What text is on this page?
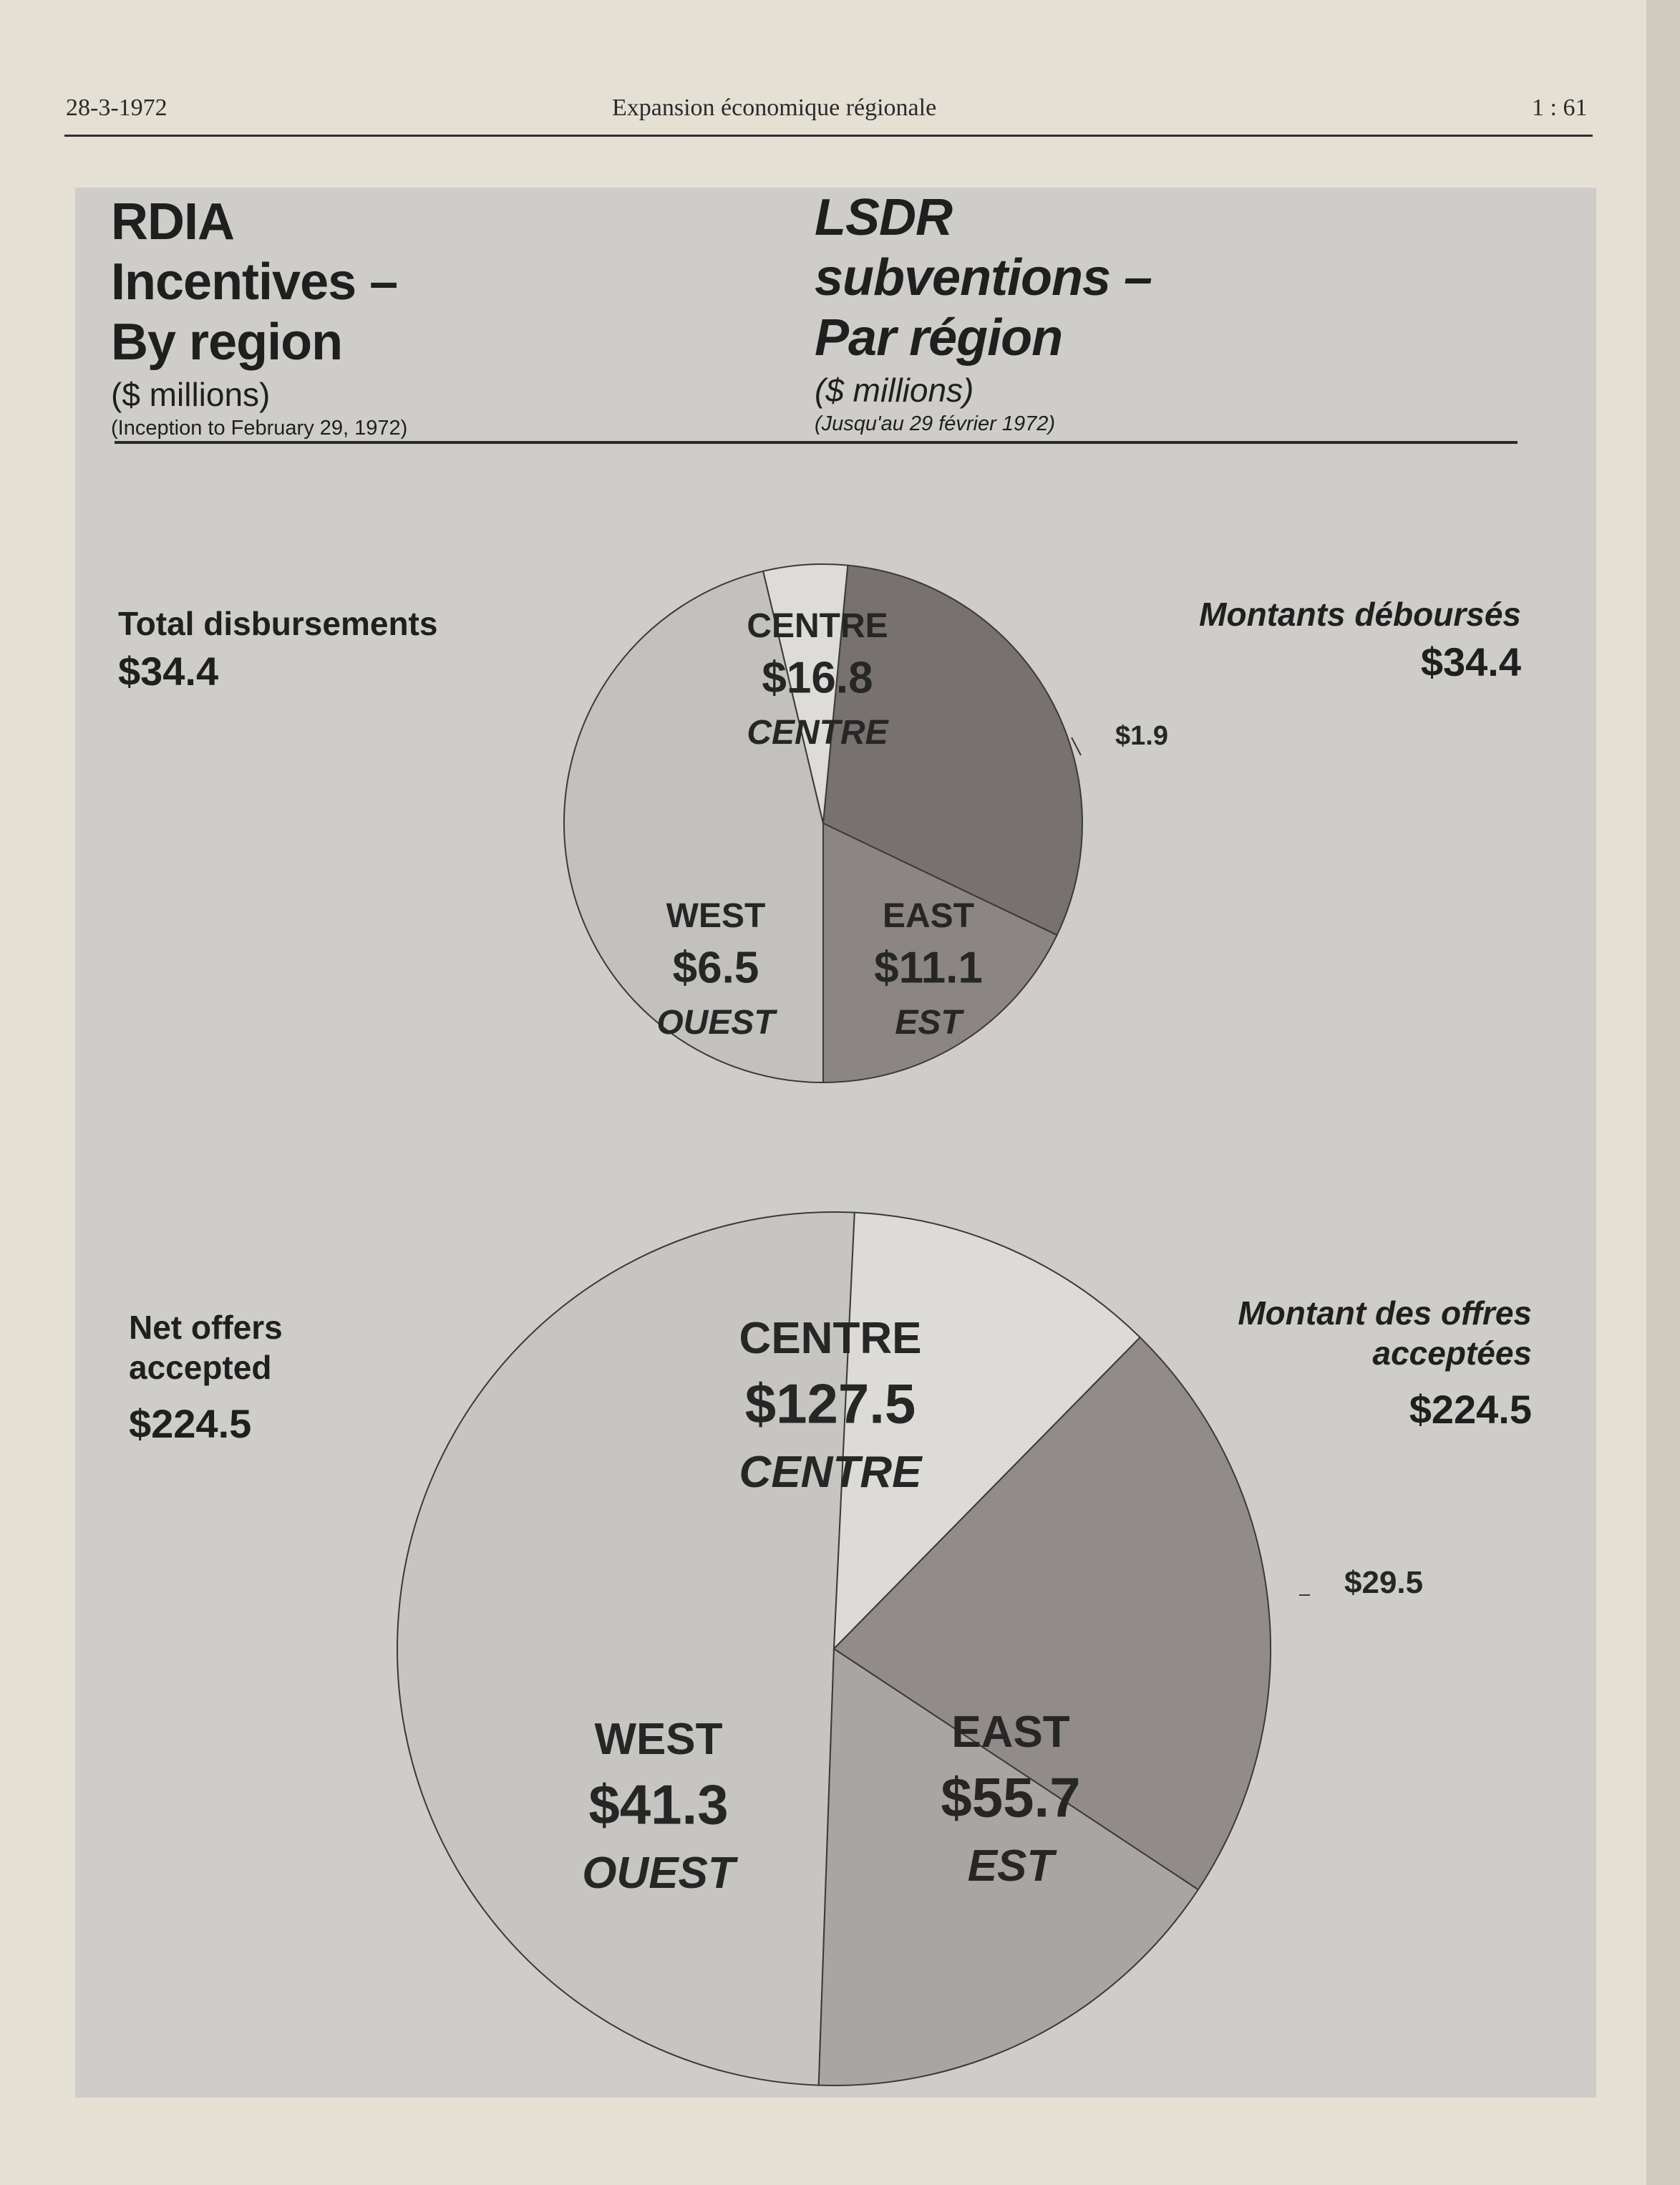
28-3-1972	Expansion économique régionale	1 : 61
RDIA
Incentives –
By region
($ millions)
(Inception to February 29, 1972)
LSDR
subventions –
Par région
($ millions)
(Jusqu'au 29 février 1972)
Total disbursements
$34.4
Montants déboursés
$34.4
Net offers accepted
$224.5
Montant des offres acceptées
$224.5
CENTRE
$16.8
CENTRE	$1.9
EAST
$11.1
EST
WEST
$6.5
OUEST
CENTRE
$127.5
CENTRE
$29.5
EAST
$55.7
EST
WEST
$41.3
OUEST
